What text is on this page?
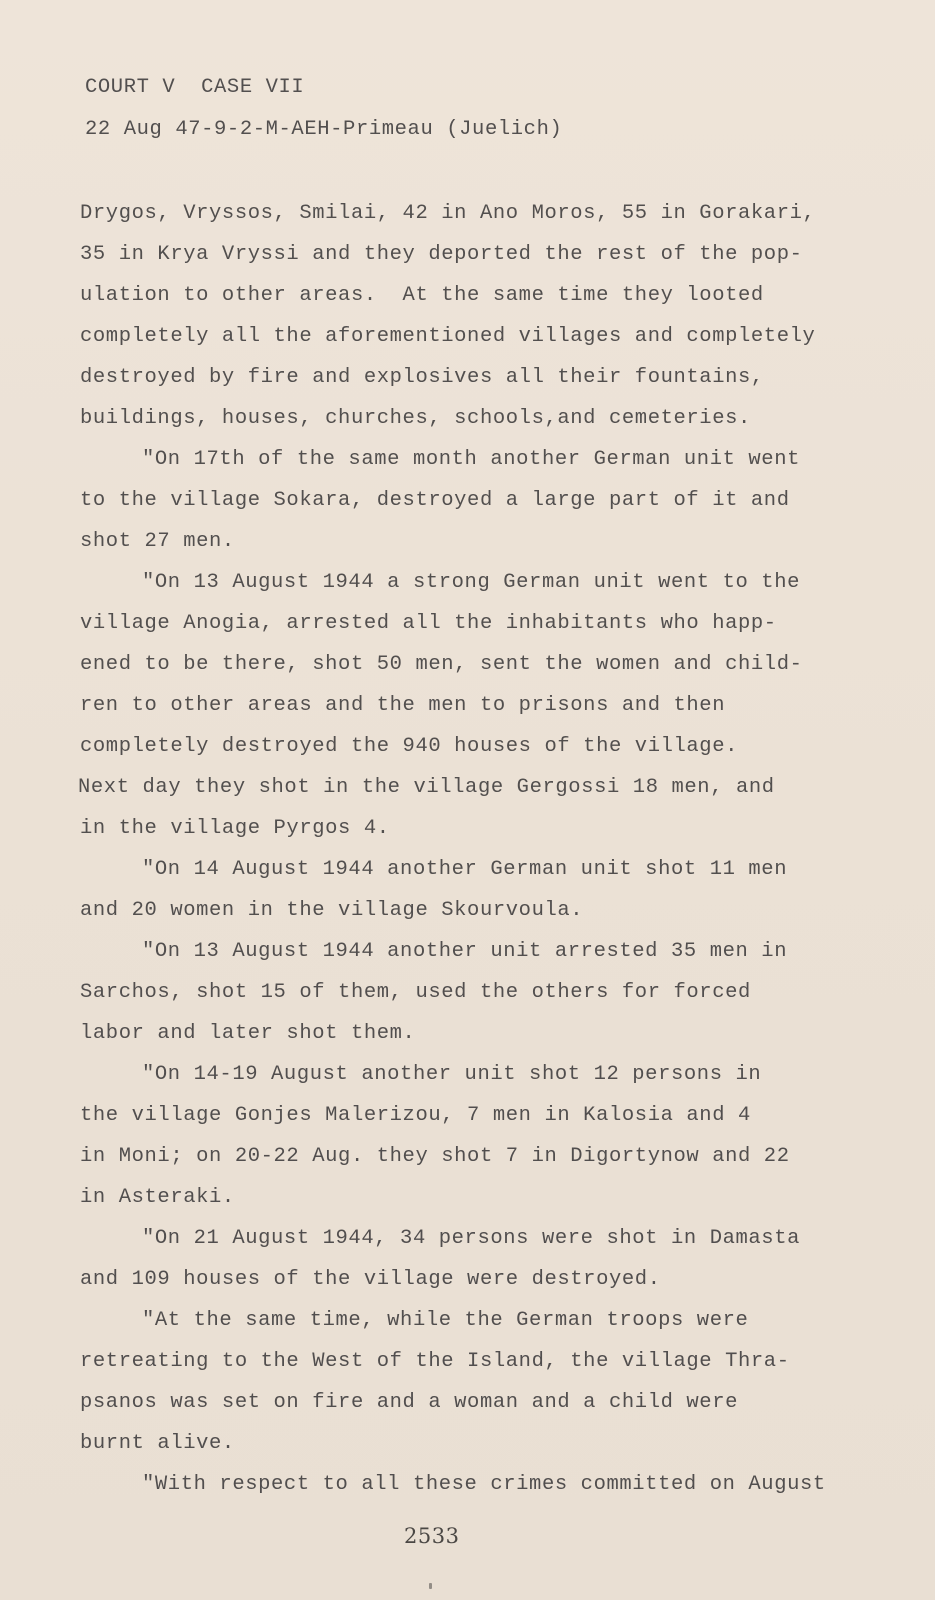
COURT V  CASE VII
22 Aug 47-9-2-M-AEH-Primeau (Juelich)
Drygos, Vryssos, Smilai, 42 in Ano Moros, 55 in Gorakari,
35 in Krya Vryssi and they deported the rest of the pop-
ulation to other areas.  At the same time they looted
completely all the aforementioned villages and completely
destroyed by fire and explosives all their fountains,
buildings, houses, churches, schools,and cemeteries.
"On 17th of the same month another German unit went
to the village Sokara, destroyed a large part of it and
shot 27 men.
"On 13 August 1944 a strong German unit went to the
village Anogia, arrested all the inhabitants who happ-
ened to be there, shot 50 men, sent the women and child-
ren to other areas and the men to prisons and then
completely destroyed the 940 houses of the village.
Next day they shot in the village Gergossi 18 men, and
in the village Pyrgos 4.
"On 14 August 1944 another German unit shot 11 men
and 20 women in the village Skourvoula.
"On 13 August 1944 another unit arrested 35 men in
Sarchos, shot 15 of them, used the others for forced
labor and later shot them.
"On 14-19 August another unit shot 12 persons in
the village Gonjes Malerizou, 7 men in Kalosia and 4
in Moni; on 20-22 Aug. they shot 7 in Digortynow and 22
in Asteraki.
"On 21 August 1944, 34 persons were shot in Damasta
and 109 houses of the village were destroyed.
"At the same time, while the German troops were
retreating to the West of the Island, the village Thra-
psanos was set on fire and a woman and a child were
burnt alive.
"With respect to all these crimes committed on August
2533
